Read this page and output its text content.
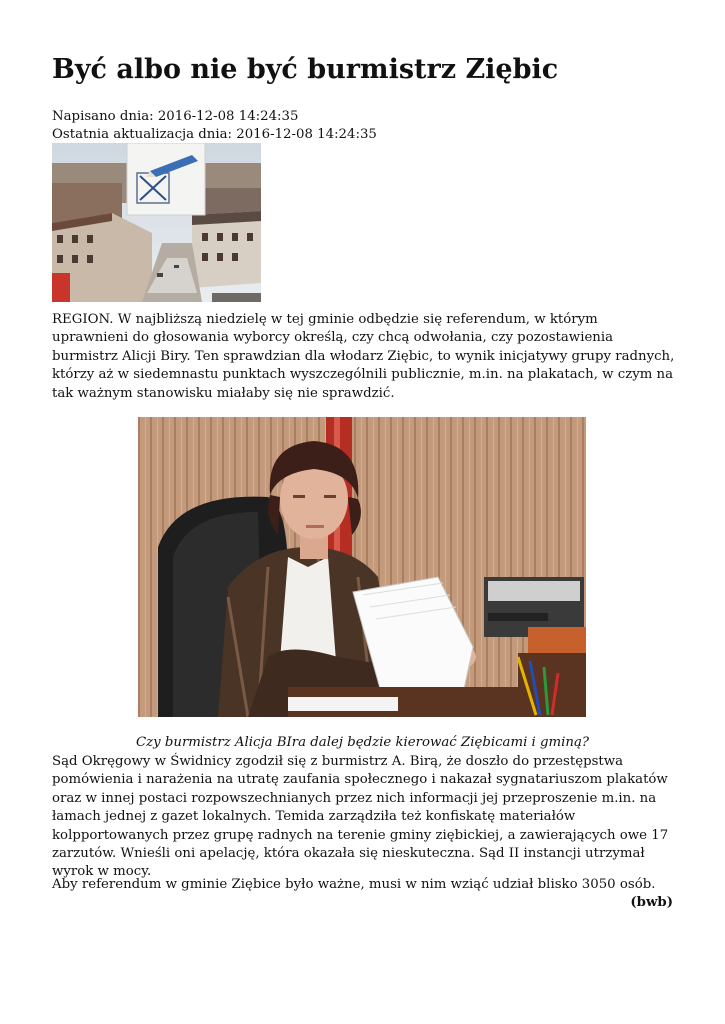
Być albo nie być burmistrz Ziębic
Napisano dnia: 2016-12-08 14:24:35
Ostatnia aktualizacja dnia: 2016-12-08 14:24:35

REGION. W najbliższą niedzielę w tej gminie odbędzie się referendum, w którym uprawnieni do głosowania wyborcy określą, czy chcą odwołania, czy pozostawienia burmistrz Alicji Biry. Ten sprawdzian dla włodarz Ziębic, to wynik inicjatywy grupy radnych, którzy aż w siedemnastu punktach wyszczególnili publicznie, m.in. na plakatach, w czym na tak ważnym stanowisku miałaby się nie sprawdzić.

Czy burmistrz Alicja BIra dalej będzie kierować Ziębicami i gminą?

Sąd Okręgowy w Świdnicy zgodził się z burmistrz A. Birą, że doszło do przestępstwa pomówienia i narażenia na utratę zaufania społecznego i nakazał sygnatariuszom plakatów oraz w innej postaci rozpowszechnianych przez nich informacji jej przeproszenie m.in. na łamach jednej z gazet lokalnych. Temida zarządziła też konfiskatę materiałów kolpportowanych przez grupę radnych na terenie gminy ziębickiej, a zawierających owe 17 zarzutów. Wnieśli oni apelację, która okazała się nieskuteczna. Sąd II instancji utrzymał wyrok w mocy.

Aby referendum w gminie Ziębice było ważne, musi w nim wziąć udział blisko 3050 osób.

(bwb)
